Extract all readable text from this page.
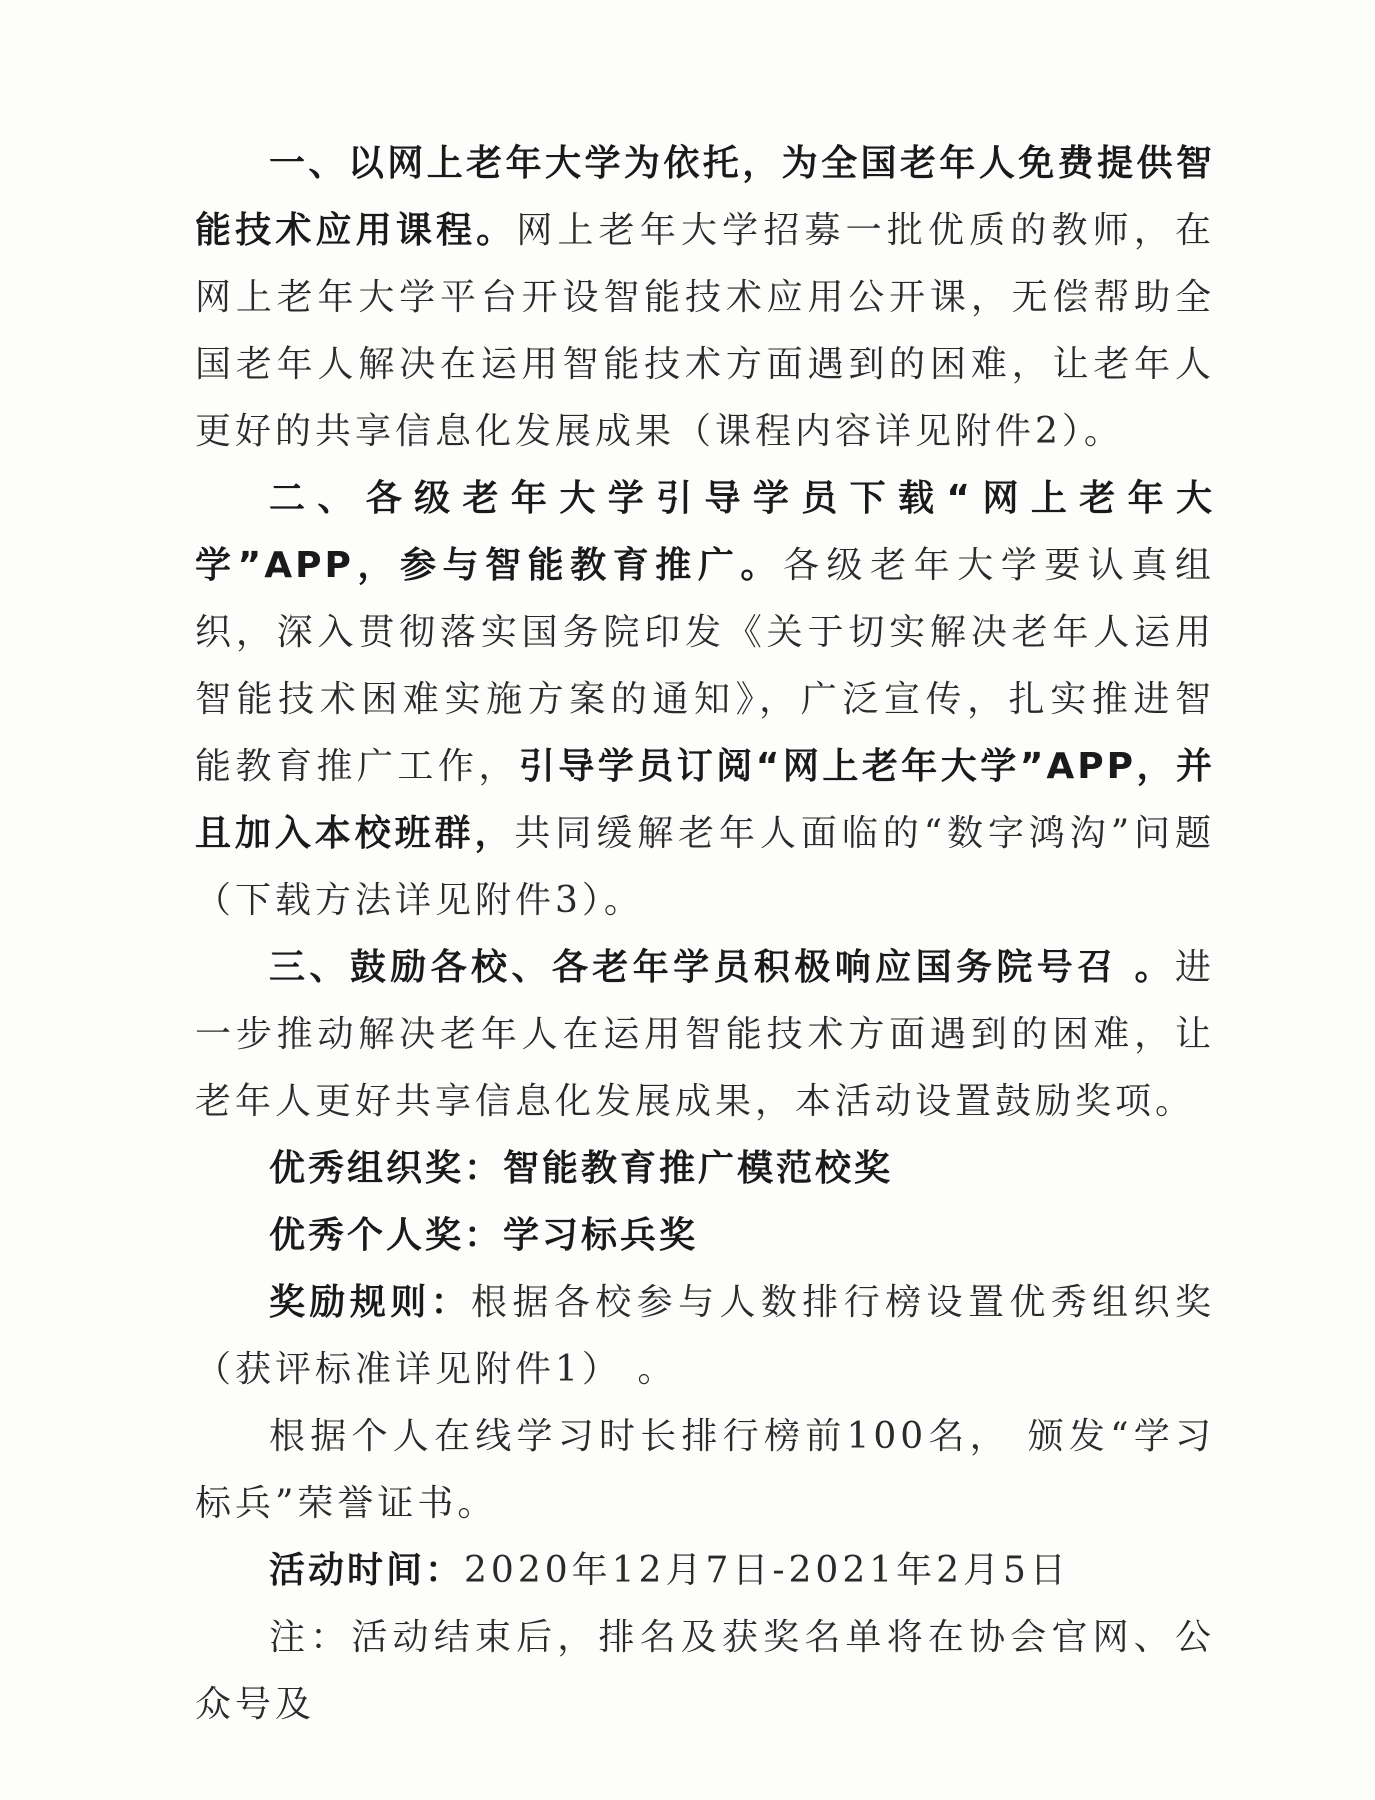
一、以网上老年大学为依托，为全国老年人免费提供智能技术应用课程。网上老年大学招募一批优质的教师，在网上老年大学平台开设智能技术应用公开课，无偿帮助全国老年人解决在运用智能技术方面遇到的困难，让老年人更好的共享信息化发展成果（课程内容详见附件2）。

二、各级老年大学引导学员下载“网上老年大学”APP，参与智能教育推广。各级老年大学要认真组织，深入贯彻落实国务院印发《关于切实解决老年人运用智能技术困难实施方案的通知》，广泛宣传，扎实推进智能教育推广工作，引导学员订阅“网上老年大学”APP，并且加入本校班群，共同缓解老年人面临的“数字鸿沟”问题（下载方法详见附件3）。

三、鼓励各校、各老年学员积极响应国务院号召 。进一步推动解决老年人在运用智能技术方面遇到的困难，让老年人更好共享信息化发展成果，本活动设置鼓励奖项。

优秀组织奖：智能教育推广模范校奖

优秀个人奖：学习标兵奖

奖励规则：根据各校参与人数排行榜设置优秀组织奖 （获评标准详见附件1） 。

根据个人在线学习时长排行榜前100名， 颁发“学习标兵”荣誉证书。

活动时间：2020年12月7日-2021年2月5日

注：活动结束后，排名及获奖名单将在协会官网、公众号及
